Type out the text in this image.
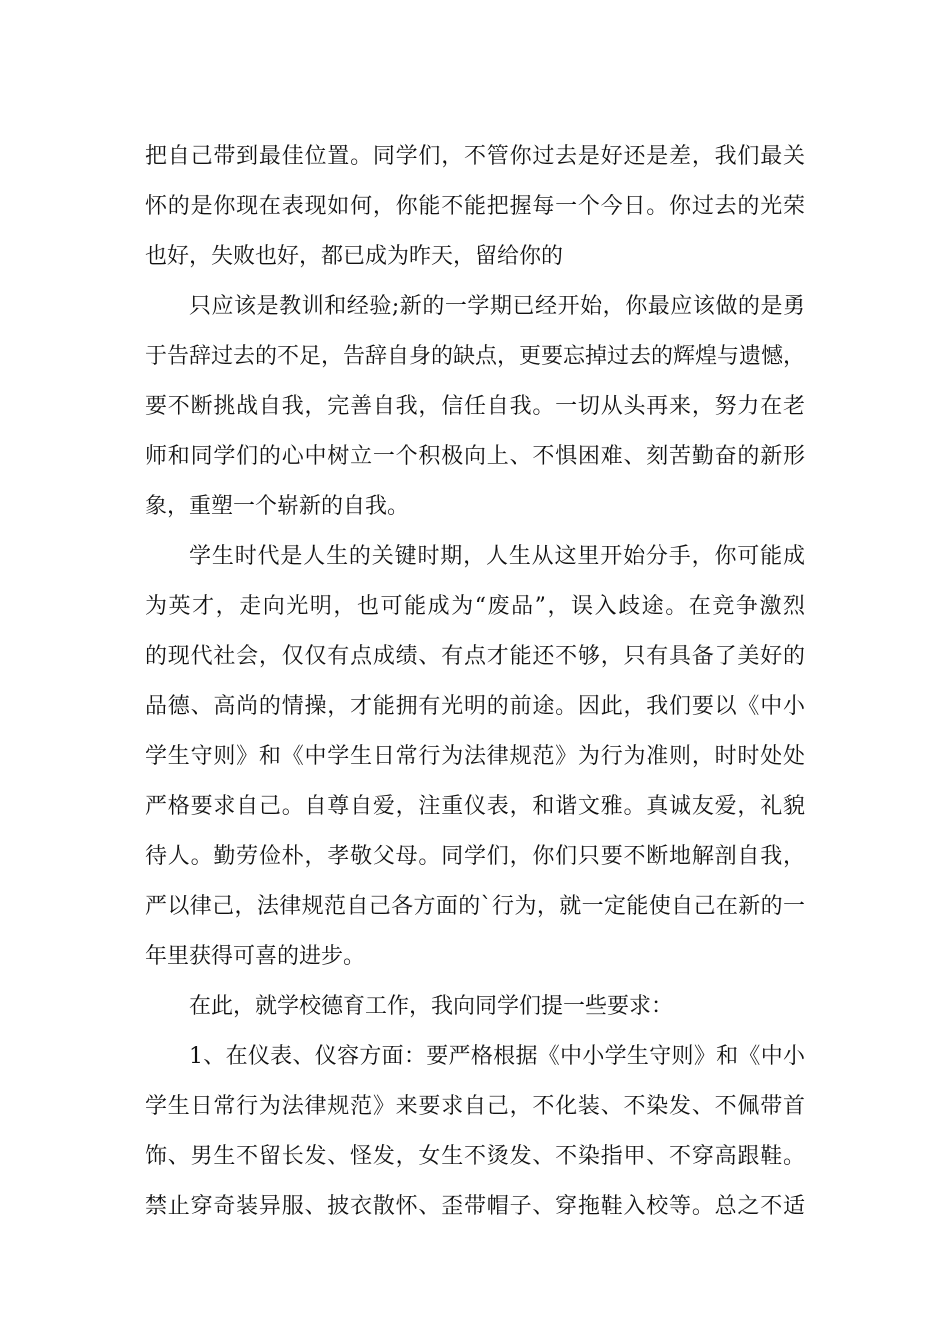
把自己带到最佳位置。同学们，不管你过去是好还是差，我们最关
怀的是你现在表现如何，你能不能把握每一个今日。你过去的光荣
也好，失败也好，都已成为昨天，留给你的

只应该是教训和经验;新的一学期已经开始，你最应该做的是勇
于告辞过去的不足，告辞自身的缺点，更要忘掉过去的辉煌与遗憾，
要不断挑战自我，完善自我，信任自我。一切从头再来，努力在老
师和同学们的心中树立一个积极向上、不惧困难、刻苦勤奋的新形
象，重塑一个崭新的自我。

学生时代是人生的关键时期，人生从这里开始分手，你可能成
为英才，走向光明，也可能成为“废品”，误入歧途。在竞争激烈
的现代社会，仅仅有点成绩、有点才能还不够，只有具备了美好的
品德、高尚的情操，才能拥有光明的前途。因此，我们要以《中小
学生守则》和《中学生日常行为法律规范》为行为准则，时时处处
严格要求自己。自尊自爱，注重仪表，和谐文雅。真诚友爱，礼貌
待人。勤劳俭朴，孝敬父母。同学们，你们只要不断地解剖自我，
严以律己，法律规范自己各方面的`行为，就一定能使自己在新的一
年里获得可喜的进步。

在此，就学校德育工作，我向同学们提一些要求：

1、在仪表、仪容方面：要严格根据《中小学生守则》和《中小
学生日常行为法律规范》来要求自己，不化装、不染发、不佩带首
饰、男生不留长发、怪发，女生不烫发、不染指甲、不穿高跟鞋。
禁止穿奇装异服、披衣散怀、歪带帽子、穿拖鞋入校等。总之不适
